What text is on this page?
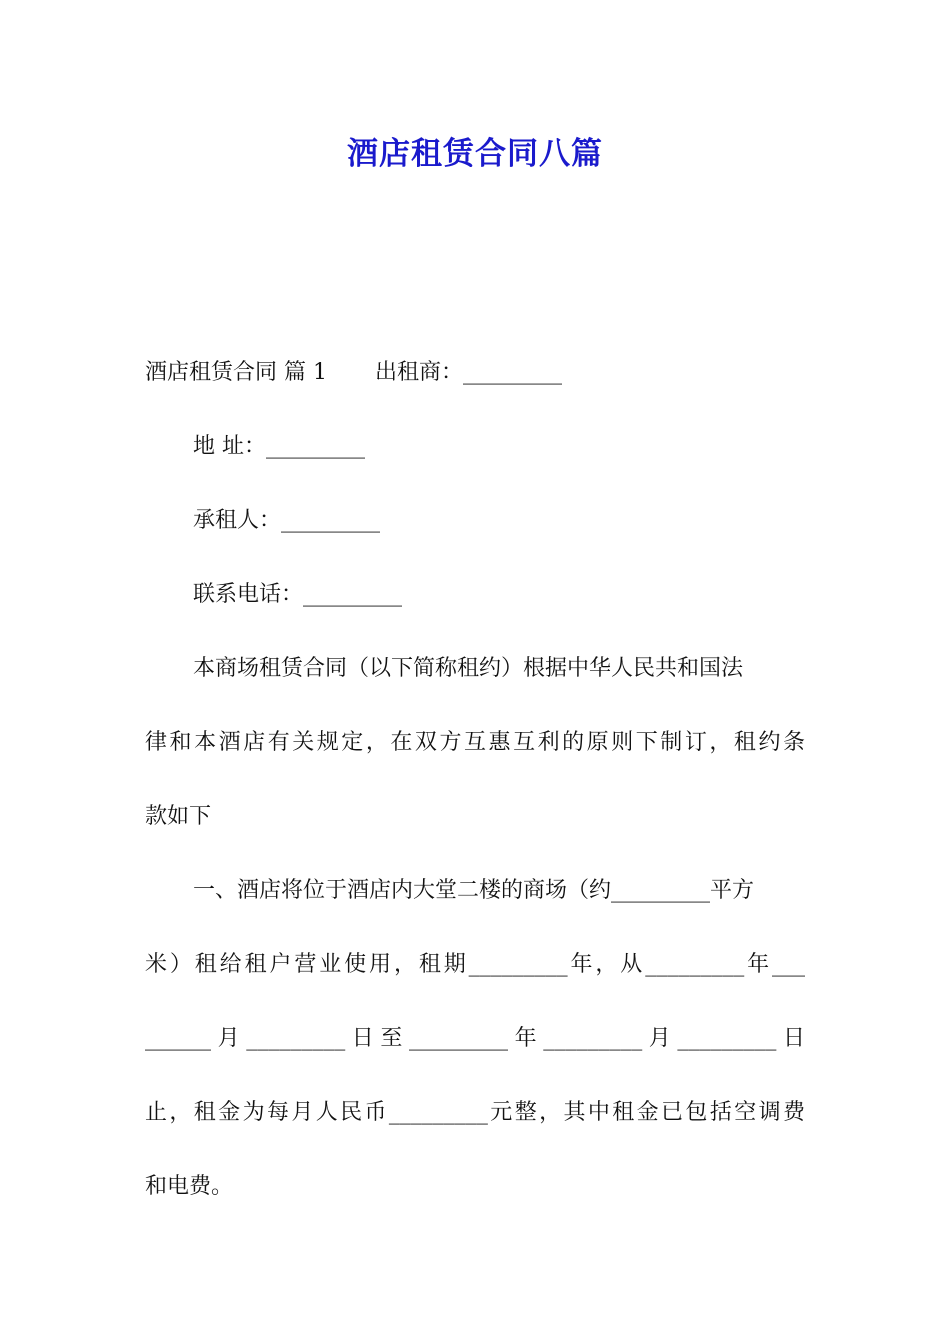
酒店租赁合同八篇
酒店租赁合同 篇 1 出租商：_________
地 址：_________
承租人：_________
联系电话：_________
本商场租赁合同（以下简称租约）根据中华人民共和国法
律和本酒店有关规定，在双方互惠互利的原则下制订，租约条
款如下
一、酒店将位于酒店内大堂二楼的商场（约_________平方
米）租给租户营业使用，租期_________年，从_________年___
______月_________日至_________年_________月_________日
止，租金为每月人民币_________元整，其中租金已包括空调费
和电费。
